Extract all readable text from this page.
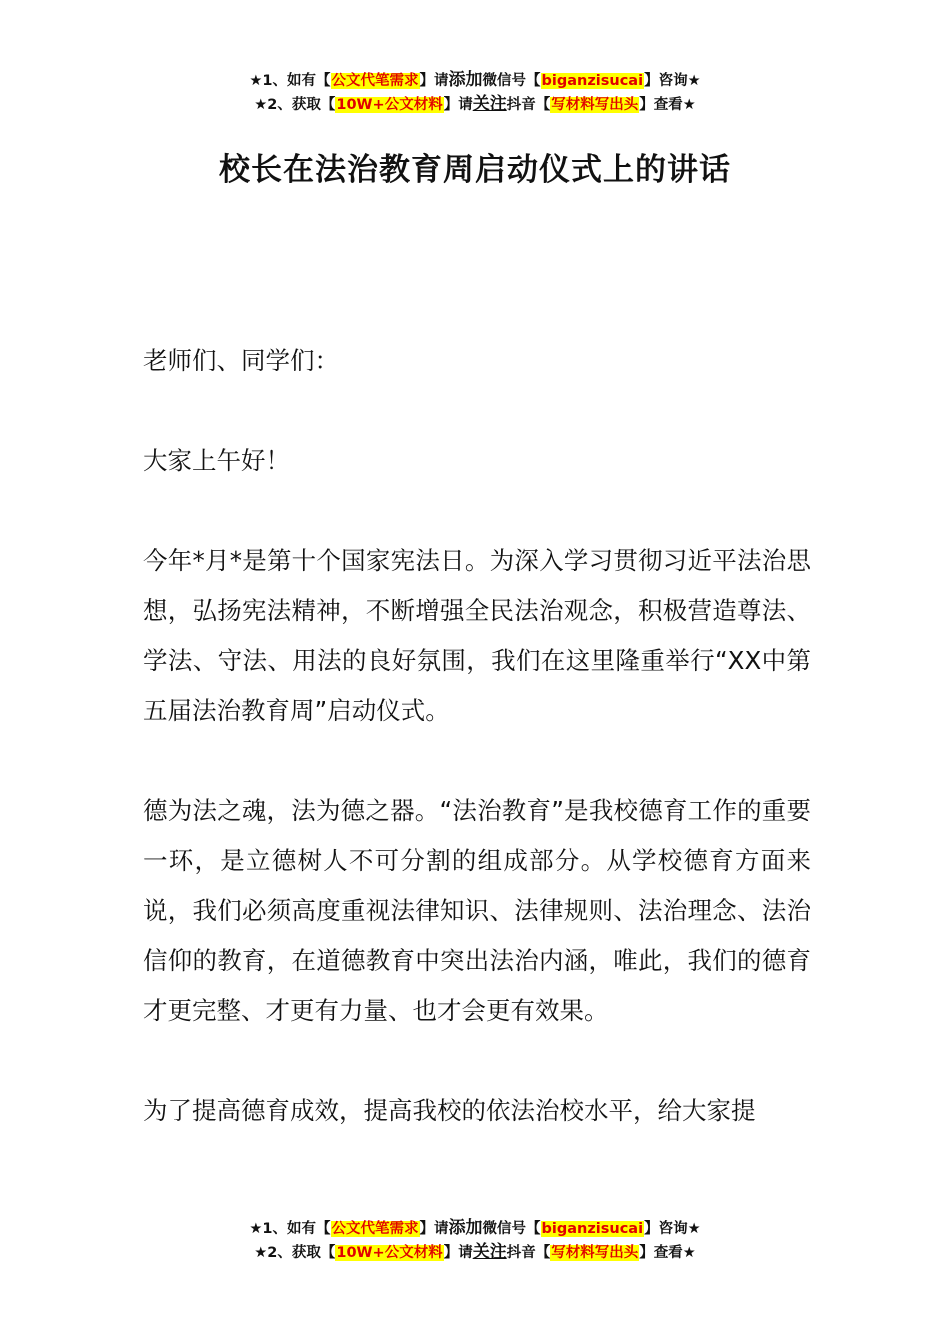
★1、如有【公文代笔需求】请添加微信号【biganzisucai】咨询★
★2、获取【10W+公文材料】请关注抖音【写材料写出头】查看★
校长在法治教育周启动仪式上的讲话

老师们、同学们：

大家上午好！

今年*月*是第十个国家宪法日。为深入学习贯彻习近平法治思想，弘扬宪法精神，不断增强全民法治观念，积极营造尊法、学法、守法、用法的良好氛围，我们在这里隆重举行“XX中第五届法治教育周”启动仪式。

德为法之魂，法为德之器。“法治教育”是我校德育工作的重要一环，是立德树人不可分割的组成部分。从学校德育方面来说，我们必须高度重视法律知识、法律规则、法治理念、法治信仰的教育，在道德教育中突出法治内涵，唯此，我们的德育才更完整、才更有力量、也才会更有效果。

为了提高德育成效，提高我校的依法治校水平，给大家提

★1、如有【公文代笔需求】请添加微信号【biganzisucai】咨询★
★2、获取【10W+公文材料】请关注抖音【写材料写出头】查看★
